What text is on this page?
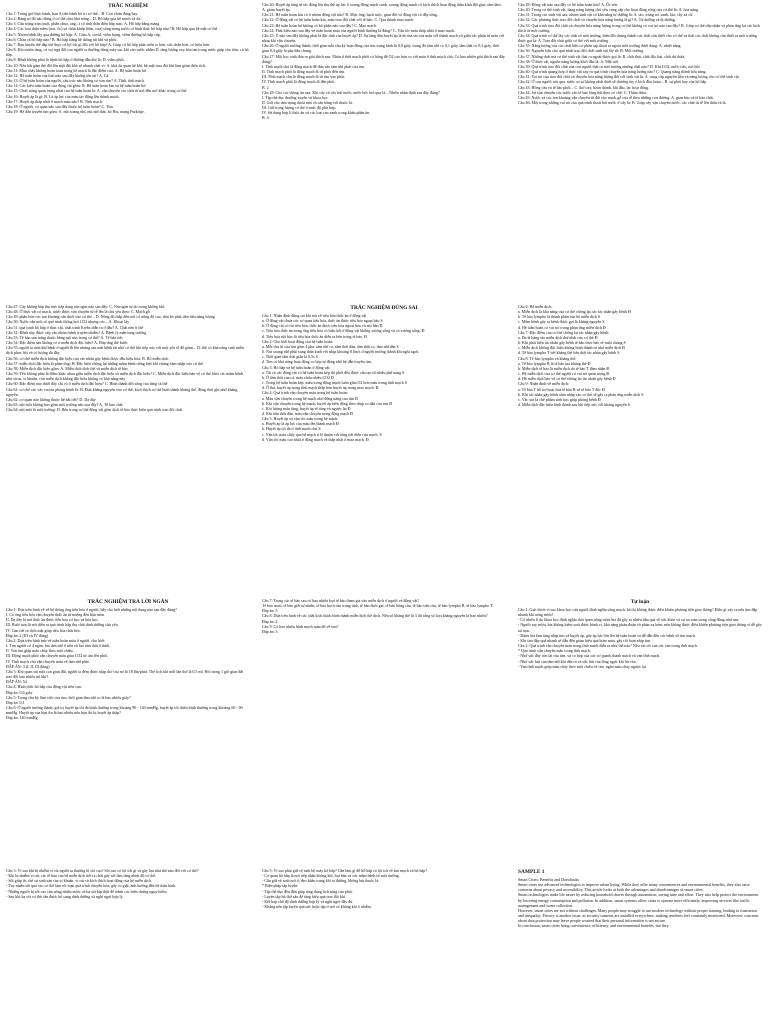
TRẮC NGHIỆM

Câu 1: Trong giờ thực hành, bạn A tiến hành bố trí cơ thể... B. Con chim đang bay.

Câu 2: Bảng sơ đồ nào đúng ở cơ thể chịu khả năng... D. Hô hấp qua hệ mạch và da.

Câu 3: Cấu trúng tràn (ruột, phân chủa, ong...) có tính thần điều hấp mạc. A. Hô hấp bằng mang

Câu 4: Các loại thân mềm (trai, ốc) và chân khớp (tôm, cua) sống trong nước có hình thức hô hấp nào? B. Hô hấp qua bề mặt cơ thể

Câu 5: Nhóm bệnh lây qua đường hô hấp: A. Cúm A, covid, viêm họng, viêm đường hô hấp cấp.

Câu 6: Châu cá hô hấp nào? B. Hô hấp bằng hệ thống túi khí và phổi.

Câu 7: Bạn huyền thể đáp thế thực có lợi ích gì đối với hô hấp? A. Giúp cơ hô hấp phát triển to hơn, sức chấn hơn, có hiệu hơn.

Câu 8: Khi muôn tăng, cá voi ngủ đối cao người ta thường dùng máy sục khí vào nước nhằm D. tăng lượng oxy hòa tan trong nước giúp cho tôm, cá hô hấp.

Câu 9: Bệnh không phải là bệnh hô hấp ở đường dẫn khí là: D. viêm phổi.

Câu 10: Nếu bắt gặm thể đối lên mặt đất khô sẽ nhanh chết vì: A. khô da quan hệ khí, bề mặt trao đổi khí làm giảm diện tích.

Câu 11: Màu chấy không hoàn toàn trong hệ mạch là đặc điểm của: A. Hệ tuần hoàn hở.

Câu 12: Hệ tuần hoàn của loài nào sau đây không tồn tại? A. Cá.

Câu 13: Ở hệ tuần hoàn của người, cấu trúc nào không có van tim? A. Tĩnh, tĩnh mạch.

Câu 14: Các kiểu tuần hoàn của động vật gồm: B. Hệ tuần hoàn kín và hệ tuần hoàn hở.

Câu 15: Chức năng quan trọng nhất của hệ tuần hoàn là: A. vận chuyển các chất từ nơi đến nơi khác trong cơ thể.

Câu 16: Huyết áp là gì: B. Là áp lực của máu tác động lên thành mạch.

Câu 17: Huyết áp thấp nhất ở mạch máu nào? B. Tĩnh mạch

Câu 18: Ở người, cơ quan nào sau đây thuộc hệ tuần hoàn? C. Tim.

Câu 19: Hệ dẫn truyền tim gồm: A. nút xoang nhĩ, nút nhĩ thất, bó His, mạng Purkinje.

Câu 20: Huyết áp tăng sẽ tác động lên thụ thể áp lực ở xoang động mạch cảnh, xoang động mạch cổ kích thích hoạt động thần kinh đối giao cảm làm: A. giảm huyết áp.

Câu 21: Hệ tuần hoàn kín có ở nhóm động vật nào? B. Mực ống, bạch tuộc, giun đốt và động vật có đầy sống.

Câu 22: Ở động vật có hệ tuần hoàn kín, máu trao đổi chất với tế bào: C. Qua thành mao mạch.

Câu 23: Hệ tuần hoàn hở không có bộ phận nào sau đây? C. Mao mạch.

Câu 24: Phát biểu nào sau đây về tuần hoàn máu của người bình thường là đúng? C. Vận tốc máu thấp nhất ở mao mạch.

Câu 25: Ý nào sau đây không phải là đặc tính của huyết áp? D. Sự tăng dần huyết áp là do ma sát của máu với thành mạch và giữa các phân tử máu với nhau khi vận chuyển.

Câu 26: Ở người trưởng thành, thời gian mỗi chu kỳ hoạt động của tim trung bình là 0,8 giây, trong đó tâm nhĩ co 0,1 giây, tâm thất co 0,3 giây, thời gian 0,4 giây là pha dãn chung.

Câu 27: Một học sinh đưa ra giải thích sau: Nhân ở thời mạch phổi có hồng để O2 cao hơn so với máu ở tĩnh mạch chủ. Có bao nhiêu giải thích sau đây đúng?

I. Tĩnh mạch chủ là động mạch để đưa vào tâm nhĩ phải của tim.

II. Tĩnh mạch phổi là động mạch đi từ phổi đến tim.

III. Tĩnh mạch chủ là động mạch đi từ tim vào phổi.

IV. Tĩnh mạch phổi là động mạch đi đến phổi.

B. 2

Câu 28: Cho các thông tin sau: Khi cây và cây hút nước, nước bốc hơi qua lá... Nhiều nhận định sau đây đúng?

I. Tập thể dục thường xuyên và khoa học.

II. Giữ cho tâm trạng thoải mái và cân bằng với thuốc lá.

III. Giữ trọng lượng cơ thể ở mức độ phù hợp.

IV. Sử dụng hợp lí thức ăn và các loại rau xanh trong khẩu phần ăn.

B. 4

Câu 29: Động vật nào sau đây có hệ tuần hoàn kín? A. Ốc sên.

Câu 30: Trong cơ thể sinh vật, dạng năng lượng chủ yếu cung cấp cho hoạt động sống của cơ thể là: A. hóa năng.

Câu 31: Trong các sinh vật sau, nhóm sinh vật có khả năng tự dưỡng là: A. tảo, trùng roi xanh, lúa, cây xà cừ.

Câu 32: Các phương thức trao đổi chất và chuyển hóa năng lượng là gì? A. Tự dưỡng và dị dưỡng.

Câu 33: Quá trình trao đổi chất và chuyển hóa năng lượng trong cơ thể không có vai trò nào sau đây? B. Giúp cơ thể tiếp nhận và phản ứng lại các kích thích từ môi trường.

Câu 34: Quá trình cơ thể lấy các chất từ môi trường, biến đổi chúng thành các chất cần thiết cho cơ thể và thải các chất không cần thiết ra môi trường được gọi là: A. Trao đổi chất giữa cơ thể với môi trường

Câu 35: Năng lượng của các chất hữu cơ phân tạp thoát ra ngoài môi trường dưới dạng: A. nhiệt năng.

Câu 36: Nguyên liệu cho quá trình trao đổi chất sinh vật lấy từ: B. Môi trường

Câu 37: Những chất mà cơ thể sinh vật thải ra ngoài được gọi là: B. chất thải, chất độc hại, chất dư thừa.

Câu 38: Ở thực vật, nguồn năng lượng khởi đầu là: A. Mặt trời

Câu 39: Quá trình trao đổi chất của con người thải ra môi trường những chất nào? D. Khí CO2, nước tiểu, mồ hôi

Câu 40: Quá trình quang hợp ở thực vật xảy ra quá trình chuyển hóa năng lượng nào? C. Quang năng thành hóa năng.

Câu 41: Vai trò của trao đổi chất và chuyển hóa năng lượng đối với sinh vật là: A. cung cấp nguyên liệu và năng lượng cho cơ thể sinh vật.

Câu 42: Ở con người trải qua, nước cơ sơ không nhất thiết sẽ thưởng tùy ý kích đầu hoàn... B. sự phát huy của hô hấp

Câu 43: Hồng cầu và tế bào phổi... C. thở oxy, hoàn thành, bắt đầu, lạc hoạt động.

Câu 44: Sự vận chuyển các nước vào tế bào lông hút theo cơ chế: C. Thẩm thấu.

Câu 45: Nước và các ion khoáng vận chuyển từ đất vào mạch gỗ của rễ theo những con đường: A. gian bào và tế bào chất.

Câu 46: Một trong những vai trò của quá trình thoát hơi nước ở cây là: B. Giúp cây vận chuyển nước, các chất từ rễ lên thân và lá.

Câu 47: Cây không hấp thụ trực tiếp dạng nitrogen nào sau đây: C. Nitrogen tự do trong không khí.

Câu 48: Ở thực vật có mạch, nước được vận chuyển từ rễ lên lá chủ yếu theo: C. Mạch gỗ

Câu 49: phân bón các ion khoáng cần thiết vào cơ thể... D. Nồng độ thấp đến nơi có nồng độ cao, thải bỏ phát tiền tiêu năng lượng

Câu 50: Nước vận môi số quá trình thống hợi CO2 nhưng các... A. Khoai lây

Câu 51: quá trình hô hấp ở thực vật, chất trình Krebs diễn ra ở đâu? A. Chất nền ti thể

Câu 52: Bệnh này được xếp vào nhóm bệnh truyền nhiễm? A. Bệnh lý mãn tung trưởng

Câu 53: Tế bào sản tráng thuộc hằng nơi nào trong cơ thể? A. Tế bào tiệc

Câu 54: Đặc điểm sản không có ở miễn dịch đặc hiệu? A. Đáp ứng thế bước

Câu 55: người ta sinh khí bệnh ở người đi lên nhưng sau mất bệnh tất nhờ cơ thể khi tiếp xúc với một yếu tố để giảm... D. thể có khả năng sinh miễn dịch phục hồi và có lượng đủ đầy.

Câu 56: cơ chế miễn dịch không đặc hiệu của các nhân gây bệnh được đều hiệu hóa: B. Bộ miễn dịch

Câu 57: miễn dịch đặc hiệu là phản ứng: B. Đặc hiệu chống lại những mầm bệnh riêng biệt khi chúng xâm nhập vào cơ thể

Câu 58: Miễn dịch đặc hiệu gồm: A. Miễn dịch dịch thể và miễn dịch tế bào

Câu 59: Tên không phải là điểm khác nhau giữa miễn dịch đặc hiệu và miễn dịch đặc hiệu? C. Miễn dịch đặc hiệu bảo vệ cơ thể khỏi các mầm bệnh như virus, vi khuẩn, còn miễn dịch không đặc hiệu không có khả năng này.

Câu 60: Đặc điểm nào dưới đây chỉ có ở miễn dịch đặc hiệu? C. Hình thành đời sống của từng cá thể

Câu 61: cơ chế các vắc vaccin phòng bệnh là: B. Đưa kháng nguyên vào cơ thể, kích thích cơ thể hình thành kháng thể, đồng thời ghi nhớ kháng nguyên.

Câu 62: cơ quan nào không thuộc hệ bài tiết? D. Dạ dày

Câu 63: nội môi không bao gồm môi trường nào sau đây? A. Tế bào chất

Câu 64: nội môi là môi trường: D. Bên trong cơ thể động vật gồm dịch tế bào thực hiện quá trình trao đổi chất

TRẮC NGHIỆM ĐÚNG SAI

Câu 1: Nhận định đúng sai khi nói về tiêu hóa thức ăn ở động vật

a. Ở động vật chưa các cơ quan tiêu hóa, thức ăn được tiêu hóa ngoại bào S

b. Ở động vật có túi tiêu hóa, thức ăn được tiêu hóa ngoại bào và nội bào Đ

c. Tiêu hóa thức ăn trong ống tiêu hóa có hiệu kết ở đồng vật không xương sống và có xương sống. Đ

d. Tiêu hóa nội bào là tiêu hóa thức ăn diễn ra bên trong tế bào. Đ

Câu 2: Cho biết hoạt động của hệ tuần hoàn:

a. Mỗi chu kì của tim gồm 4 pha: tâm nhĩ co, tâm thất dãn, tâm thất co, tâm nhĩ dãn S

b. Nút xoang nhĩ phát xung thần kinh với nhịp khoảng 8 lần/s ở người trưởng thành khi nghỉ ngơi.

c. Thời gian tâm thất giãn là 0,5s S

d. Tim có khả năng hoạt động co bóp tự động nhờ hệ dẫn truyền tim.

Câu 3: Hô hấp và hệ tuần hoàn ở động vật:

a. Tất cả các động vật có hệ tuần hoàn kép thì phổi đều được cấu tạo từ nhiều phế nang S

b. Ở tâm thất của cá, máu chứa nhiều CO2 Đ

c. Trong hệ tuần hoàn kép, máu trong động mạch luôn giàu O2 hơn máu trong tĩnh mạch S

d. Ở thú, huyết áp trong tĩnh mạch thấp hơn huyết áp trong mao mạch. Đ

Câu 4: Quá trình vận chuyển máu trong hệ tuần hoàn:

a. Máu vận chuyển trong hệ mạch nhờ động năng của tim Đ

b. Khi vận chuyển trong hệ mạch, huyết áp biến động theo nhịp co dãn của tim Đ

c. Khi lượng máu tăng, huyết áp sẽ tăng và ngược lại Đ

d. Khi tâm thất dãn, máu vận chuyển trong động mạch Đ

Câu 5: Huyết áp và vận tốc máu trong hệ mạch:

a. Huyết áp là áp lực của máu lên thành mạch Đ

b. Huyết áp tối đa ở tĩnh mạch chủ S

c. Vận tốc máu chậy qua hệ mạch tỉ lệ thuận với tổng tiết diện của mạch. S

d. Vận tốc máu cao nhất ở động mạch và thấp nhất ở mao mạch. Đ

Câu 6: Hệ miễn dịch:

a. Miễn dịch là khả năng của cơ thể chống lại các tác nhân gây bệnh Đ

b. Tế bào lympho là thành phần của hệ miễn dịch S

c. Mầm bệnh gây ra bệnh được gọi là kháng nguyên S

d. Hệ tuần hoàn có vai trò trong phản ứng miễn dịch Đ

Câu 7: Đặc điểm của cơ thể chống lại tác nhân gây bệnh:

a. Da là hàng rào miễn dịch thứ nhất của cơ thể Đ

b. Khi phát hiện tác nhân gây bệnh tế bào thực bào sẽ nuốt chúng S

c. Miễn dịch không đặc hiệu không hình thành trí nhớ miễn dịch Đ

d. Tế bào lympho T tiết kháng thể tiêu diệt tác nhân gây bệnh S

Câu 8: Tế bào lympho và kháng thể:

a. Tế bào lympho B là tế bào tạo kháng thể Đ

b. Miễn dịch tế bào là miễn dịch do tế bào T đảm nhận Đ

c. Hệ miễn dịch của cơ thể người có vai trò quan trọng Đ

d. Hệ miễn dịch bảo vệ cơ thể chống lại tác nhân gây bệnh Đ

Câu 9: Nhận định về miễn dịch:

a. Tế bào T hỗ trợ hoạt hóa tế bào B và tế bào T độc Đ

b. Khi tác nhân gây bệnh xâm nhập vào cơ thể sẽ gây ra phản ứng miễn dịch S

c. Vắc xin là chế phẩm sinh học giúp phòng bệnh Đ

d. Miễn dịch đặc hiệu hình thành sau khi tiếp xúc với kháng nguyên S

TRẮC NGHIỆM TRẢ LỜI NGẮN

Câu 1: Dựa trên hình vẽ về hệ thống ống tiêu hóa ở người, hãy cho biết những nội dung nào sau đây đúng?

I. Có ống tiêu hóa vận chuyển thức ăn từ miệng đến hậu môn.

II. Dạ dày là nơi thức ăn được tiêu hóa cơ học và hóa học.

III. Ruột non là nơi diễn ra quá trình hấp thụ chất dinh dưỡng chủ yếu.

IV. Gan tiết ra dịch mật giúp tiêu hóa chất béo.

Đáp án: 2 (III và IV đúng)

Câu 2: Dựa trên hình ảnh về tuần hoàn máu ở người, cho biết:

I. Tim người có 4 ngăn, hai tâm nhĩ ở trên và hai tâm thất ở dưới.

II. Van tim giúp máu chảy theo một chiều.

III. Động mạch phổi vận chuyển máu giàu CO2 từ tim lên phổi.

IV. Tĩnh mạch chủ vận chuyển máu về tâm nhĩ phải.

ĐÁP ÁN: 3 (I, II, III đúng)

Câu 3: Khi quan sát một con giun đất, người ta đếm được nhịp thở của nó là 18 lần/phút. Thể tích khí mỗi lần thở là 0,5 ml. Hỏi trong 1 giờ giun đất trao đổi bao nhiêu ml khí?

ĐÁP ÁN: 54

Câu 4: Hình thức hô hấp của động vật trên cạn:

Đáp án: 0,6 giây

Câu 5: Trong chu kỳ làm việc của tim, thời gian tâm nhĩ co là bao nhiêu giây?

Đáp án: 0,1

Câu 6: Ở người trưởng thành, giá trị huyết áp tối đa bình thường trong khoảng 90 - 140 mmHg, huyết áp tối thiểu bình thường trong khoảng 60 - 90 mmHg. Huyết áp của bạn An là bao nhiêu nếu bạn An bị huyết áp thấp?

Đáp án: 140 mmHg

Câu 7: Trong các tế bào sau có bao nhiêu loại tế bào tham gia vào miễn dịch ở người và động vật?

Tế bào mast, tế bào giết tự nhiên, tế bào bạch cầu trung tính, tế bào đuôi gai, tế bào hồng cầu, tế bào tiểu cầu, tế bào lympho B, tế bào lympho T.

Đáp án: 5

Câu 8: Dựa trên hình vẽ các chất kích thích hình thành miễn dịch thể dịch. Nếu số kháng thể là 3 thì tổng số loại kháng nguyên là bao nhiêu?

Đáp án: 2

Câu 9: Có bao nhiêu hình mạch máu đổ về tim?

Đáp án: 3

Tự luận

Câu 1: Giải thích vì sao khoa học cửa người định nghĩa sống mạch, bà thị không được điều khiển phương tiện giao thông? Điều gì xảy ra nếu tim đập nhanh khi uống rượu?

- Có nhiều lí do khoa học định nghĩa thói quen uống rượu bia đã gây ra nhiều hậu quả về sức khỏe và sự an toàn trong cộng đồng như sau:

- Người say rượu, bia không kiểm soát được hành vi, khả năng phán đoán và phản xạ kém, nên không được điều khiển phương tiện giao thông vì dễ gây tai nạn.

- Rượu bia làm tăng nhịp tim và huyết áp, gây áp lực lớn lên hệ tuần hoàn và dễ dẫn đến các bệnh về tim mạch.

- Khi tim đập quá nhanh sẽ dẫn đến giảm hiệu quả bơm máu, gây rối loạn nhịp tim.

Câu 2: Quá trình vận chuyển máu trong tĩnh mạch diễn ra như thế nào? Nêu vai trò của các van trong tĩnh mạch.

* Quá trình vận chuyển máu trong tĩnh mạch:

- Nhờ sức đẩy còn lại của tim, sự co bóp của các cơ quanh thành mạch và van tĩnh mạch.

- Nhờ sức hút của tâm nhĩ khi dãn ra và sức hút của lồng ngực khi hít vào.

- Van tĩnh mạch giúp máu chảy theo một chiều về tim, ngăn máu chảy ngược lại.

Câu 3: Vì sao khi bị nhiễm vi rút người ta thường bị sốt cao? Sốt cao có lợi ích gì và gây hại như thế nào đối với cơ thể?

- Khi bị nhiễm vi rút, các tế bào của hệ miễn dịch tiết ra chất gây sốt làm tăng nhiệt độ cơ thể.

- Sốt giúp ức chế sự sinh sản của vi khuẩn, vi rút và kích thích hoạt động của hệ miễn dịch.

- Tuy nhiên sốt quá cao có thể làm rối loạn quá trình chuyển hóa, gây co giật, ảnh hưởng đến hệ thần kinh.

- Những người bị sốt cao cần uống nhiều nước và hạ sốt kịp thời để tránh các biến chứng nguy hiểm.

- Sau khi hạ sốt cơ thể cần được bổ sung dinh dưỡng và nghỉ ngơi hợp lý.

Câu 5: Vì sao phải giữ vệ sinh bộ máy hô hấp? Cần làm gì để hô hấp có lợi ích về tim mạch và hô hấp?

- Cơ quan hô hấp là nơi tiếp nhận không khí, bụi bẩn và các mầm bệnh từ môi trường.

- Cần giữ vệ sinh nơi ở, đeo khẩu trang khi ra đường, không hút thuốc lá.

* Biện pháp tập luyện:

- Tập thể dục đều đặn giúp tăng dung tích sống của phổi.

- Luyện tập hít thở sâu để tăng hiệu quả trao đổi khí.

- Kết hợp chế độ dinh dưỡng hợp lý và nghỉ ngơi đầy đủ.

- Không nên tập luyện quá sức hoặc tập ở nơi có không khí ô nhiễm.

SAMPLE 1

Smart Cities: Benefits and Drawbacks

Smart cities use advanced technologies to improve urban living. While they offer many conveniences and environmental benefits, they also raise concerns about privacy and accessibility. This article looks at both the advantages and disadvantages of smart cities.

Smart technologies make life easier by reducing household chores through automation, saving time and effort. They also help protect the environment by lowering energy consumption and pollution. In addition, smart systems allow cities to operate more efficiently, improving services like traffic management and waste collection.

However, smart cities are not without challenges. Many people may struggle to use modern technology without proper training, leading to frustration and inequality. Privacy is another issue, as security cameras are installed everywhere, making residents feel constantly monitored. Moreover, concerns about data protection may leave people worried that their personal information is not secure.

In conclusion, smart cities bring convenience, efficiency, and environmental benefits, but they
